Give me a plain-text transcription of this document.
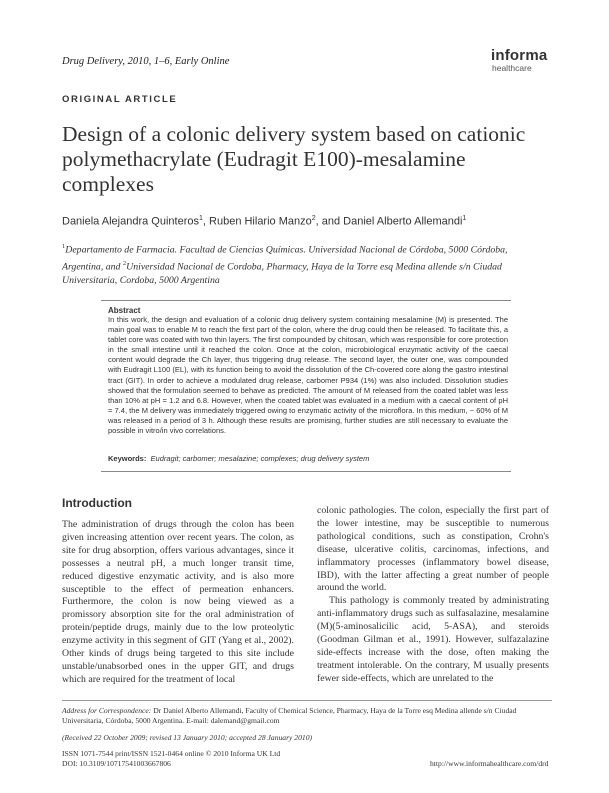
Drug Delivery, 2010, 1–6, Early Online	informa
healthcare
ORIGINAL ARTICLE
Design of a colonic delivery system based on cationic polymethacrylate (Eudragit E100)-mesalamine complexes
Daniela Alejandra Quinteros$^1$, Ruben Hilario Manzo$^2$, and Daniel Alberto Allemandi$^1$
$^1$Departamento de Farmacia. Facultad de Ciencias Químicas. Universidad Nacional de Córdoba, 5000 Córdoba, Argentina, and $^2$Universidad Nacional de Cordoba, Pharmacy, Haya de la Torre esq Medina allende s/n Ciudad Universitaria, Cordoba, 5000 Argentina
Abstract
In this work, the design and evaluation of a colonic drug delivery system containing mesalamine (M) is presented. The main goal was to enable M to reach the first part of the colon, where the drug could then be released. To facilitate this, a tablet core was coated with two thin layers. The first compounded by chitosan, which was responsible for core protection in the small intestine until it reached the colon. Once at the colon, microbiological enzymatic activity of the caecal content would degrade the Ch layer, thus triggering drug release. The second layer, the outer one, was compounded with Eudragit L100 (EL), with its function being to avoid the dissolution of the Ch-covered core along the gastro intestinal tract (GIT). In order to achieve a modulated drug release, carbomer P934 (1%) was also included. Dissolution studies showed that the formulation seemed to behave as predicted. The amount of M released from the coated tablet was less than 10% at pH = 1.2 and 6.8. However, when the coated tablet was evaluated in a medium with a caecal content of pH = 7.4, the M delivery was immediately triggered owing to enzymatic activity of the microflora. In this medium, ~ 60% of M was released in a period of 3 h. Although these results are promising, further studies are still necessary to evaluate the possible in vitro/in vivo correlations.
Keywords: Eudragit; carbomer; mesalazine; complexes; drug delivery system
Introduction

The administration of drugs through the colon has been given increasing attention over recent years. The colon, as site for drug absorption, offers various advantages, since it possesses a neutral pH, a much longer transit time, reduced digestive enzymatic activity, and is also more susceptible to the effect of permeation enhancers. Furthermore, the colon is now being viewed as a promissory absorption site for the oral administration of protein/peptide drugs, mainly due to the low proteolytic enzyme activity in this segment of GIT (Yang et al., 2002). Other kinds of drugs being targeted to this site include unstable/unabsorbed ones in the upper GIT, and drugs which are required for the treatment of local

colonic pathologies. The colon, especially the first part of the lower intestine, may be susceptible to numerous pathological conditions, such as constipation, Crohn's disease, ulcerative colitis, carcinomas, infections, and inflammatory processes (inflammatory bowel disease, IBD), with the latter affecting a great number of people around the world.

This pathology is commonly treated by administrating anti-inflammatory drugs such as sulfasalazine, mesalamine (M)(5-aminosalicilic acid, 5-ASA), and steroids (Goodman Gilman et al., 1991). However, sulfazalazine side-effects increase with the dose, often making the treatment intolerable. On the contrary, M usually presents fewer side-effects, which are unrelated to the

Address for Correspondence: Dr Daniel Alberto Allemandi, Faculty of Chemical Science, Pharmacy, Haya de la Torre esq Medina allende s/n Ciudad Universitaria, Córdoba, 5000 Argentina. E-mail: dalemand@gmail.com
(Received 22 October 2009; revised 13 January 2010; accepted 28 January 2010)
ISSN 1071-7544 print/ISSN 1521-0464 online © 2010 Informa UK Ltd
DOI: 10.3109/10717541003667806	http://www.informahealthcare.com/drd
